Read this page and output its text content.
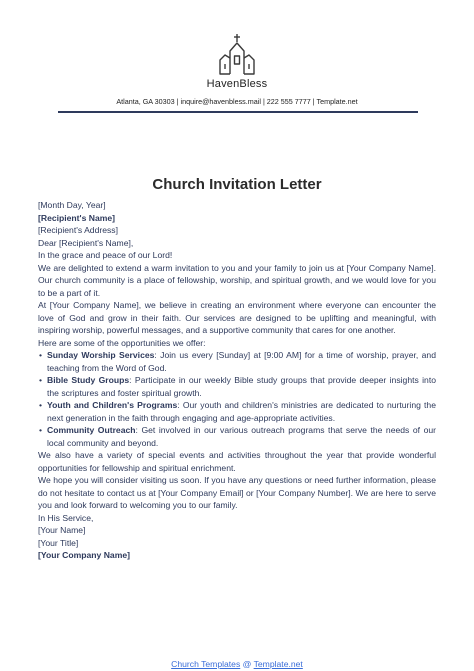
HavenBless
Atlanta, GA 30303 | inquire@havenbless.mail | 222 555 7777 | Template.net
Church Invitation Letter

[Month Day, Year]

[Recipient's Name]

[Recipient's Address]

Dear [Recipient's Name],

In the grace and peace of our Lord!

We are delighted to extend a warm invitation to you and your family to join us at [Your Company Name]. Our church community is a place of fellowship, worship, and spiritual growth, and we would love for you to be a part of it.

At [Your Company Name], we believe in creating an environment where everyone can encounter the love of God and grow in their faith. Our services are designed to be uplifting and meaningful, with inspiring worship, powerful messages, and a supportive community that cares for one another.

Here are some of the opportunities we offer:

• Sunday Worship Services: Join us every [Sunday] at [9:00 AM] for a time of worship, prayer, and teaching from the Word of God.
• Bible Study Groups: Participate in our weekly Bible study groups that provide deeper insights into the scriptures and foster spiritual growth.
• Youth and Children's Programs: Our youth and children's ministries are dedicated to nurturing the next generation in the faith through engaging and age-appropriate activities.
• Community Outreach: Get involved in our various outreach programs that serve the needs of our local community and beyond.

We also have a variety of special events and activities throughout the year that provide wonderful opportunities for fellowship and spiritual enrichment.

We hope you will consider visiting us soon. If you have any questions or need further information, please do not hesitate to contact us at [Your Company Email] or [Your Company Number]. We are here to serve you and look forward to welcoming you to our family.

In His Service,

[Your Name]

[Your Title]

[Your Company Name]

Church Templates @ Template.net
